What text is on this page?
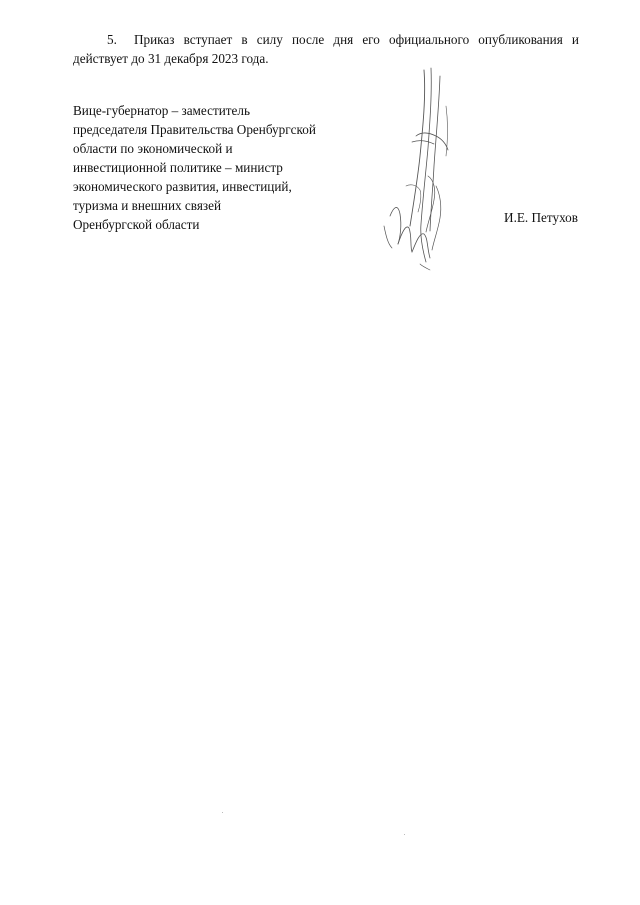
5. Приказ вступает в силу после дня его официального опубликования и действует до 31 декабря 2023 года.

Вице-губернатор – заместитель
председателя Правительства Оренбургской
области по экономической и
инвестиционной политике – министр
экономического развития, инвестиций,
туризма и внешних связей
Оренбургской области	И.Е. Петухов
